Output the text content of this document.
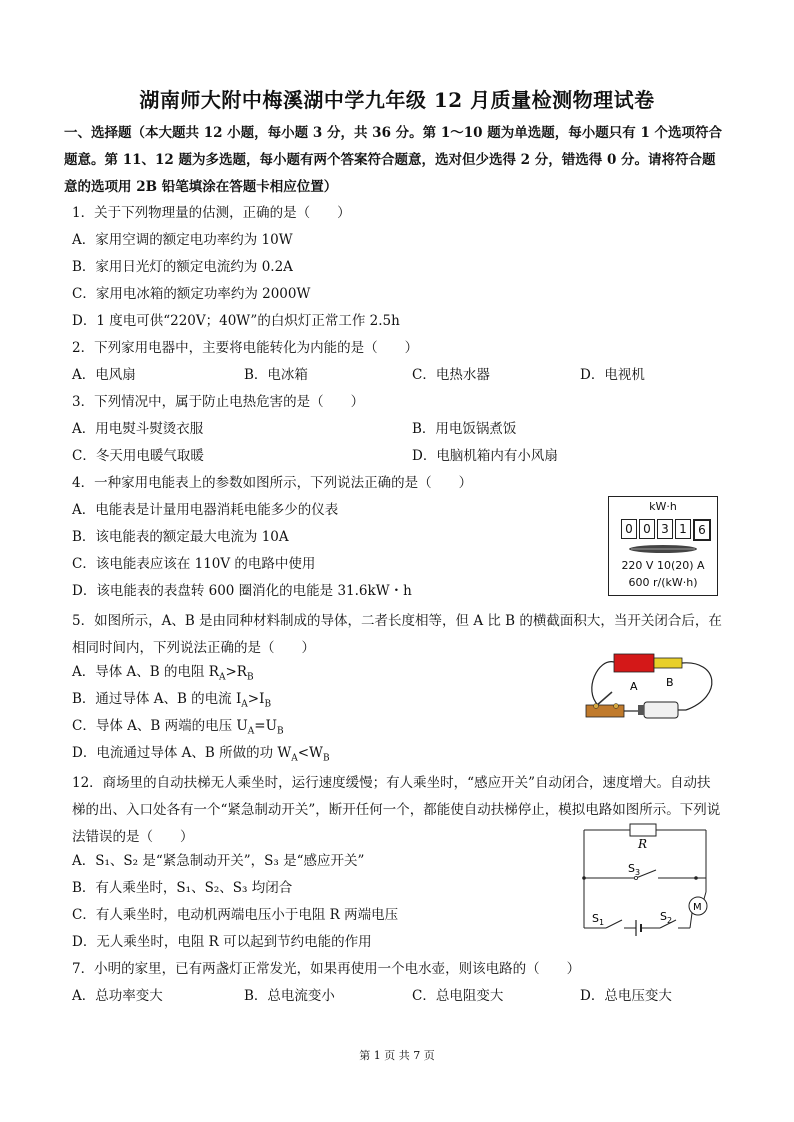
湖南师大附中梅溪湖中学九年级 12 月质量检测物理试卷
一、选择题（本大题共 12 小题，每小题 3 分，共 36 分。第 1～10 题为单选题，每小题只有 1 个选项符合题意。第 11、12 题为多选题，每小题有两个答案符合题意，选对但少选得 2 分，错选得 0 分。请将符合题意的选项用 2B 铅笔填涂在答题卡相应位置）
1．关于下列物理量的估测，正确的是（　　）
A．家用空调的额定电功率约为 10W
B．家用日光灯的额定电流约为 0.2A
C．家用电冰箱的额定功率约为 2000W
D．1 度电可供“220V；40W”的白炽灯正常工作 2.5h
2．下列家用电器中，主要将电能转化为内能的是（　　）
A．电风扇	B．电冰箱	C．电热水器	D．电视机
3．下列情况中，属于防止电热危害的是（　　）
A．用电熨斗熨烫衣服	B．用电饭锅煮饭
C．冬天用电暖气取暖	D．电脑机箱内有小风扇
4．一种家用电能表上的参数如图所示，下列说法正确的是（　　）
A．电能表是计量用电器消耗电能多少的仪表
B．该电能表的额定最大电流为 10A
C．该电能表应该在 110V 的电路中使用
D．该电能表的表盘转 600 圈消化的电能是 31.6kW・h
kW·h
0 0 3 1 6
220 V 10(20) A
600 r/(kW·h)
5．如图所示，A、B 是由同种材料制成的导体，二者长度相等，但 A 比 B 的横截面积大，当开关闭合后，在相同时间内，下列说法正确的是（　　）
A．导体 A、B 的电阻 $R_A>R_B$
B．通过导体 A、B 的电流 $I_A>I_B$
C．导体 A、B 两端的电压 $U_A=U_B$
D．电流通过导体 A、B 所做的功 $W_A<W_B$
A	B
12．商场里的自动扶梯无人乘坐时，运行速度缓慢；有人乘坐时，“感应开关”自动闭合，速度增大。自动扶梯的出、入口处各有一个“紧急制动开关”，断开任何一个，都能使自动扶梯停止，模拟电路如图所示。下列说法错误的是（　　）
A．S₁、S₂ 是“紧急制动开关”，S₃ 是“感应开关”
B．有人乘坐时，S₁、S₂、S₃ 均闭合
C．有人乘坐时，电动机两端电压小于电阻 R 两端电压
D．无人乘坐时，电阻 R 可以起到节约电能的作用
R
$S_3$
M
$S_1$	$S_2$
7．小明的家里，已有两盏灯正常发光，如果再使用一个电水壶，则该电路的（　　）
A．总功率变大	B．总电流变小	C．总电阻变大	D．总电压变大
第 1 页 共 7 页
